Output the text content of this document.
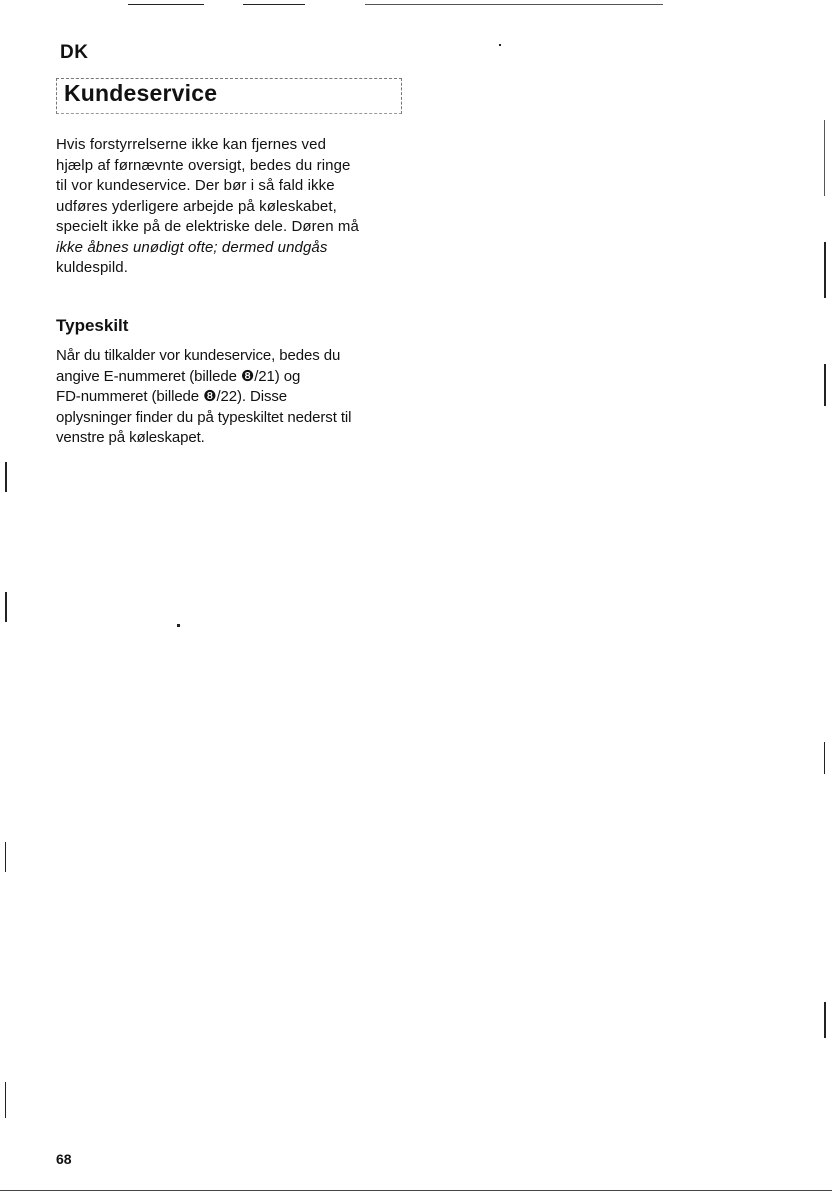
DK
Kundeservice

Hvis forstyrrelserne ikke kan fjernes ved
hjælp af førnævnte oversigt, bedes du ringe
til vor kundeservice. Der bør i så fald ikke
udføres yderligere arbejde på køleskabet,
specielt ikke på de elektriske dele. Døren må
ikke åbnes unødigt ofte; dermed undgås
kuldespild.

Typeskilt

Når du tilkalder vor kundeservice, bedes du
angive E-nummeret (billede ❽/21) og
FD-nummeret (billede ❽/22). Disse
oplysninger finder du på typeskiltet nederst til
venstre på køleskapet.

68
